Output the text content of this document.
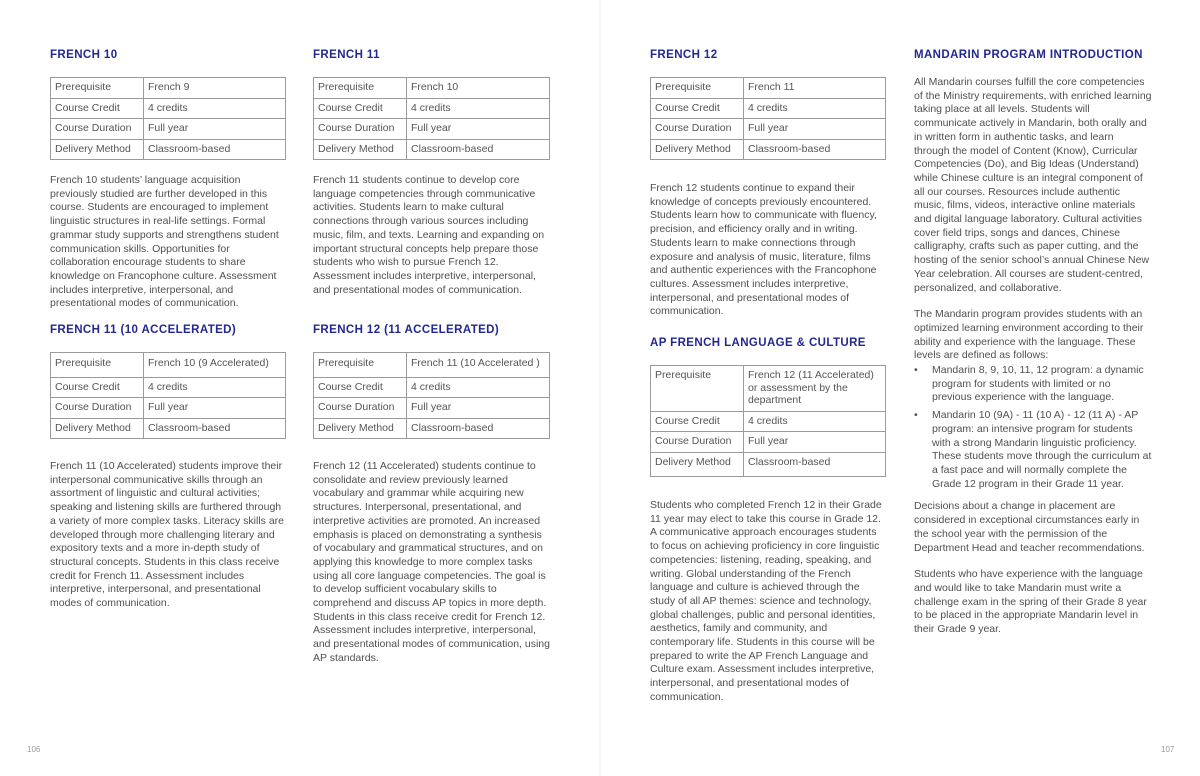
FRENCH 10
Prerequisite	French 9
Course Credit	4 credits
Course Duration	Full year
Delivery Method	Classroom-based

French 10 students’ language acquisition previously studied are further developed in this course. Students are encouraged to implement linguistic structures in real-life settings. Formal grammar study supports and strengthens student communication skills. Opportunities for collaboration encourage students to share knowledge on Francophone culture. Assessment includes interpretive, interpersonal, and presentational modes of communication.

FRENCH 11 (10 ACCELERATED)
Prerequisite	French 10 (9 Accelerated)
Course Credit	4 credits
Course Duration	Full year
Delivery Method	Classroom-based

French 11 (10 Accelerated) students improve their interpersonal communicative skills through an assortment of linguistic and cultural activities; speaking and listening skills are furthered through a variety of more complex tasks. Literacy skills are developed through more challenging literary and expository texts and a more in-depth study of structural concepts. Students in this class receive credit for French 11. Assessment includes interpretive, interpersonal, and presentational modes of communication.

106
FRENCH 11
Prerequisite	French 10
Course Credit	4 credits
Course Duration	Full year
Delivery Method	Classroom-based

French 11 students continue to develop core language competencies through communicative activities. Students learn to make cultural connections through various sources including music, film, and texts. Learning and expanding on important structural concepts help prepare those students who wish to pursue French 12. Assessment includes interpretive, interpersonal, and presentational modes of communication.

FRENCH 12 (11 ACCELERATED)
Prerequisite	French 11 (10 Accelerated )
Course Credit	4 credits
Course Duration	Full year
Delivery Method	Classroom-based

French 12 (11 Accelerated) students continue to consolidate and review previously learned vocabulary and grammar while acquiring new structures. Interpersonal, presentational, and interpretive activities are promoted. An increased emphasis is placed on demonstrating a synthesis of vocabulary and grammatical structures, and on applying this knowledge to more complex tasks using all core language competencies. The goal is to develop sufficient vocabulary skills to comprehend and discuss AP topics in more depth. Students in this class receive credit for French 12. Assessment includes interpretive, interpersonal, and presentational modes of communication, using AP standards.

FRENCH 12
Prerequisite	French 11
Course Credit	4 credits
Course Duration	Full year
Delivery Method	Classroom-based

French 12 students continue to expand their knowledge of concepts previously encountered. Students learn how to communicate with fluency, precision, and efficiency orally and in writing. Students learn to make connections through exposure and analysis of music, literature, films and authentic experiences with the Francophone cultures. Assessment includes interpretive, interpersonal, and presentational modes of communication.

AP FRENCH LANGUAGE & CULTURE
Prerequisite	French 12 (11 Accelerated) or assessment by the department
Course Credit	4 credits
Course Duration	Full year
Delivery Method	Classroom-based

Students who completed French 12 in their Grade 11 year may elect to take this course in Grade 12. A communicative approach encourages students to focus on achieving proficiency in core linguistic competencies: listening, reading, speaking, and writing. Global understanding of the French language and culture is achieved through the study of all AP themes: science and technology, global challenges, public and personal identities, aesthetics, family and community, and contemporary life. Students in this course will be prepared to write the AP French Language and Culture exam. Assessment includes interpretive, interpersonal, and presentational modes of communication.

MANDARIN PROGRAM INTRODUCTION

All Mandarin courses fulfill the core competencies of the Ministry requirements, with enriched learning taking place at all levels. Students will communicate actively in Mandarin, both orally and in written form in authentic tasks, and learn through the model of Content (Know), Curricular Competencies (Do), and Big Ideas (Understand) while Chinese culture is an integral component of all our courses. Resources include authentic music, films, videos, interactive online materials and digital language laboratory. Cultural activities cover field trips, songs and dances, Chinese calligraphy, crafts such as paper cutting, and the hosting of the senior school’s annual Chinese New Year celebration. All courses are student-centred, personalized, and collaborative.

The Mandarin program provides students with an optimized learning environment according to their ability and experience with the language. These levels are defined as follows:

• Mandarin 8, 9, 10, 11, 12 program: a dynamic program for students with limited or no previous experience with the language.
• Mandarin 10 (9A) - 11 (10 A) - 12 (11 A) - AP program: an intensive program for students with a strong Mandarin linguistic proficiency. These students move through the curriculum at a fast pace and will normally complete the Grade 12 program in their Grade 11 year.

Decisions about a change in placement are considered in exceptional circumstances early in the school year with the permission of the Department Head and teacher recommendations.

Students who have experience with the language and would like to take Mandarin must write a challenge exam in the spring of their Grade 8 year to be placed in the appropriate Mandarin level in their Grade 9 year.

107
